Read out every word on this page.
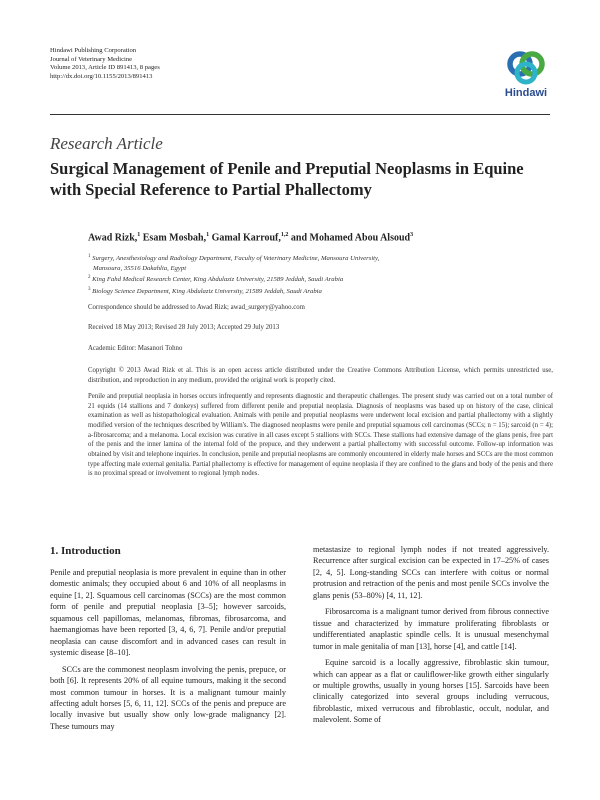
Hindawi Publishing Corporation
Journal of Veterinary Medicine
Volume 2013, Article ID 891413, 8 pages
http://dx.doi.org/10.1155/2013/891413
Hindawi
Research Article
Surgical Management of Penile and Preputial Neoplasms in Equine with Special Reference to Partial Phallectomy
Awad Rizk,$^1$ Esam Mosbah,$^1$ Gamal Karrouf,$^{1,2}$ and Mohamed Abou Alsoud$^3$
$^1$ Surgery, Anesthesiology and Radiology Department, Faculty of Veterinary Medicine, Mansoura University,
Mansoura, 35516 Dakahlia, Egypt
$^2$ King Fahd Medical Research Center, King Abdulaziz University, 21589 Jeddah, Saudi Arabia
$^3$ Biology Science Department, King Abdulaziz University, 21589 Jeddah, Saudi Arabia
Correspondence should be addressed to Awad Rizk; awad_surgery@yahoo.com
Received 18 May 2013; Revised 28 July 2013; Accepted 29 July 2013
Academic Editor: Masanori Tohno
Copyright © 2013 Awad Rizk et al. This is an open access article distributed under the Creative Commons Attribution License, which permits unrestricted use, distribution, and reproduction in any medium, provided the original work is properly cited.
Penile and preputial neoplasia in horses occurs infrequently and represents diagnostic and therapeutic challenges. The present study was carried out on a total number of 21 equids (14 stallions and 7 donkeys) suffered from different penile and preputial neoplasia. Diagnosis of neoplasms was based up on history of the case, clinical examination as well as histopathological evaluation. Animals with penile and preputial neoplasms were underwent local excision and partial phallectomy with a slightly modified version of the techniques described by William's. The diagnosed neoplasms were penile and preputial squamous cell carcinomas (SCCs; n = 15); sarcoid (n = 4); a-fibrosarcoma; and a melanoma. Local excision was curative in all cases except 5 stallions with SCCs. These stallions had extensive damage of the glans penis, free part of the penis and the inner lamina of the internal fold of the prepuce, and they underwent a partial phallectomy with successful outcome. Follow-up information was obtained by visit and telephone inquiries. In conclusion, penile and preputial neoplasms are commonly encountered in elderly male horses and SCCs are the most common type affecting male external genitalia. Partial phallectomy is effective for management of equine neoplasia if they are confined to the glans and body of the penis and there is no proximal spread or involvement to regional lymph nodes.
1. Introduction

Penile and preputial neoplasia is more prevalent in equine than in other domestic animals; they occupied about 6 and 10% of all neoplasms in equine [1, 2]. Squamous cell carcinomas (SCCs) are the most common form of penile and preputial neoplasia [3–5]; however sarcoids, squamous cell papillomas, melanomas, fibromas, fibrosarcoma, and haemangiomas have been reported [3, 4, 6, 7]. Penile and/or preputial neoplasia can cause discomfort and in advanced cases can result in systemic disease [8–10].

SCCs are the commonest neoplasm involving the penis, prepuce, or both [6]. It represents 20% of all equine tumours, making it the second most common tumour in horses. It is a malignant tumour mainly affecting adult horses [5, 6, 11, 12]. SCCs of the penis and prepuce are locally invasive but usually show only low-grade malignancy [2]. These tumours may

metastasize to regional lymph nodes if not treated aggressively. Recurrence after surgical excision can be expected in 17–25% of cases [2, 4, 5]. Long-standing SCCs can interfere with coitus or normal protrusion and retraction of the penis and most penile SCCs involve the glans penis (53–80%) [4, 11, 12].

Fibrosarcoma is a malignant tumor derived from fibrous connective tissue and characterized by immature proliferating fibroblasts or undifferentiated anaplastic spindle cells. It is unusual mesenchymal tumor in male genitalia of man [13], horse [4], and cattle [14].

Equine sarcoid is a locally aggressive, fibroblastic skin tumour, which can appear as a flat or cauliflower-like growth either singularly or multiple growths, usually in young horses [15]. Sarcoids have been clinically categorized into several groups including verrucous, fibroblastic, mixed verrucous and fibroblastic, occult, nodular, and malevolent. Some of
